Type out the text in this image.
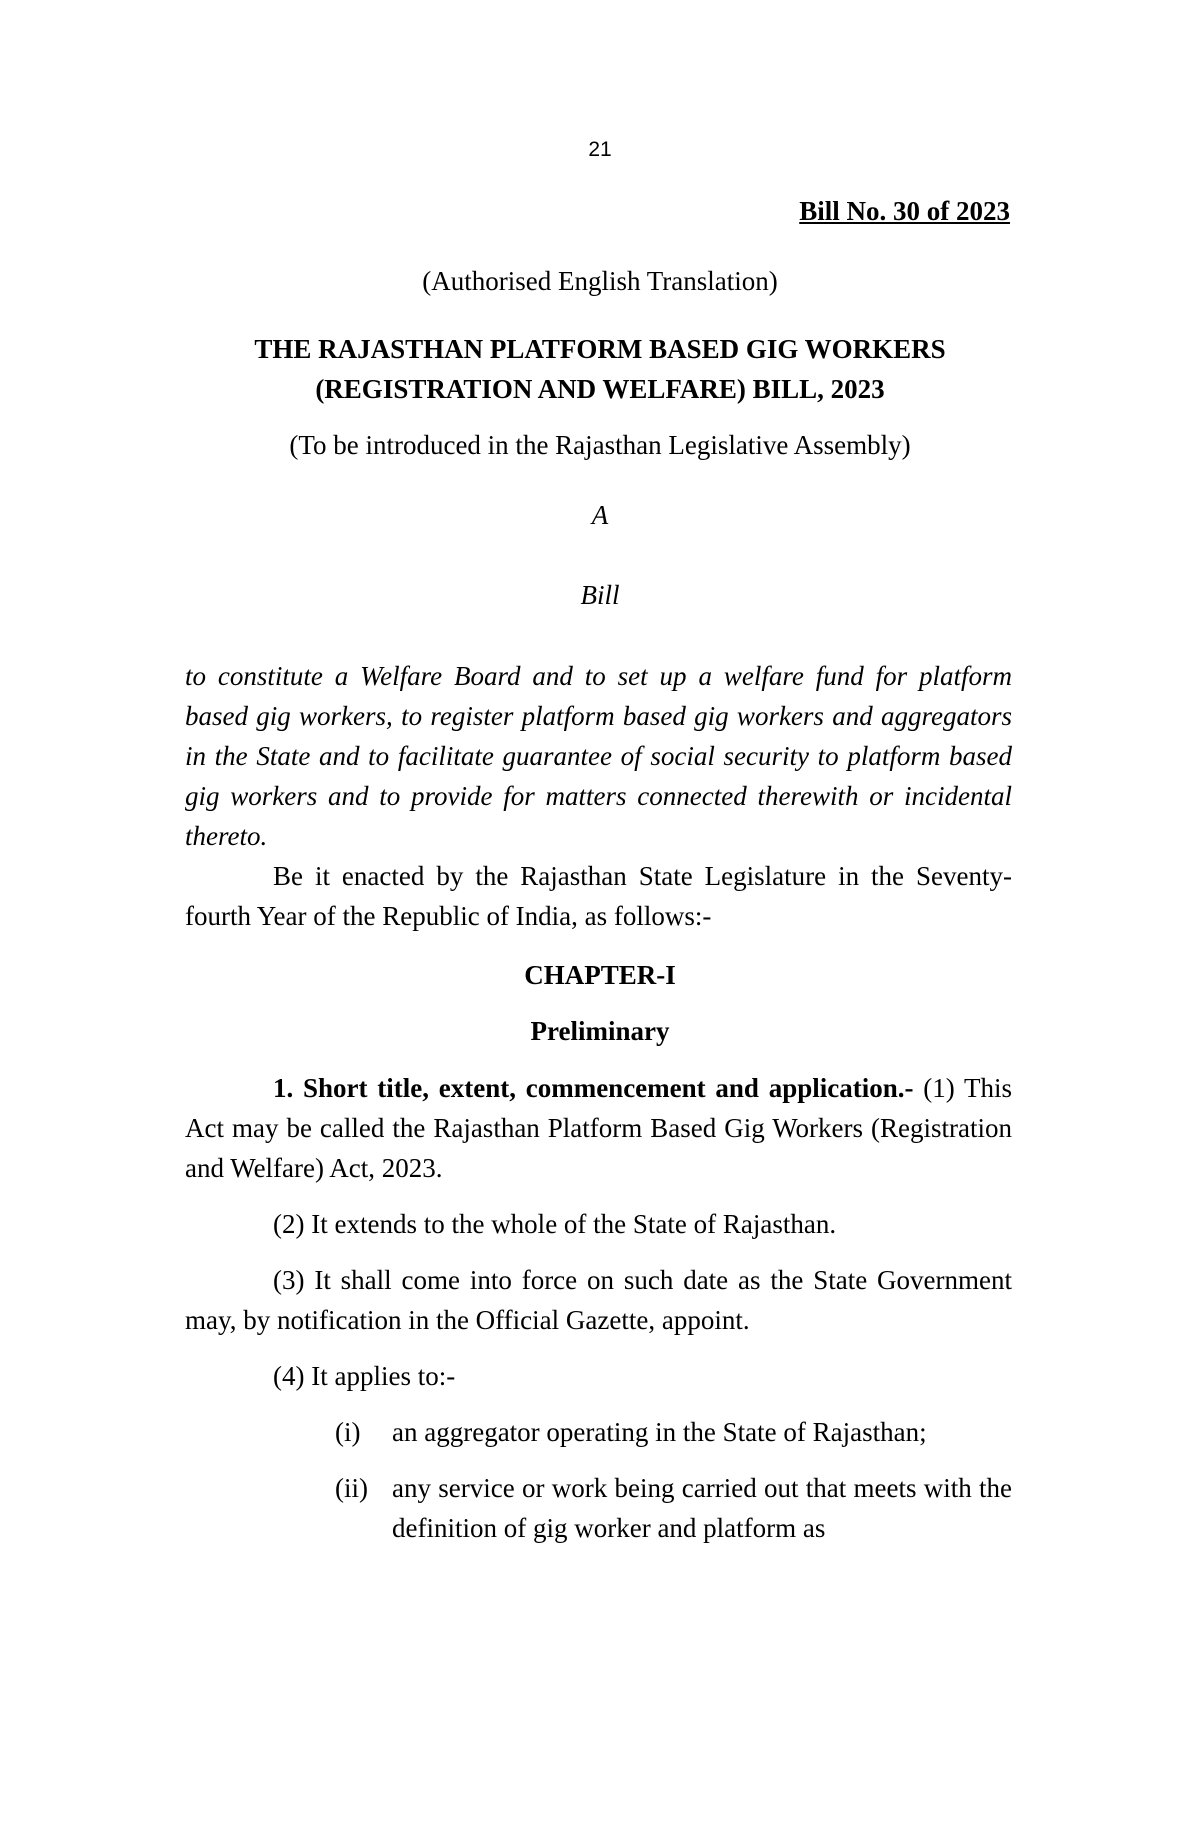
21
Bill No. 30 of 2023
(Authorised English Translation)
THE RAJASTHAN PLATFORM BASED GIG WORKERS
(REGISTRATION AND WELFARE) BILL, 2023
(To be introduced in the Rajasthan Legislative Assembly)
A
Bill

to constitute a Welfare Board and to set up a welfare fund for platform based gig workers, to register platform based gig workers and aggregators in the State and to facilitate guarantee of social security to platform based gig workers and to provide for matters connected therewith or incidental thereto.

Be it enacted by the Rajasthan State Legislature in the Seventy-fourth Year of the Republic of India, as follows:-

CHAPTER-I
Preliminary

1. Short title, extent, commencement and application.- (1) This Act may be called the Rajasthan Platform Based Gig Workers (Registration and Welfare) Act, 2023.

(2) It extends to the whole of the State of Rajasthan.

(3) It shall come into force on such date as the State Government may, by notification in the Official Gazette, appoint.

(4) It applies to:-

(i) an aggregator operating in the State of Rajasthan;
(ii) any service or work being carried out that meets with the definition of gig worker and platform as
